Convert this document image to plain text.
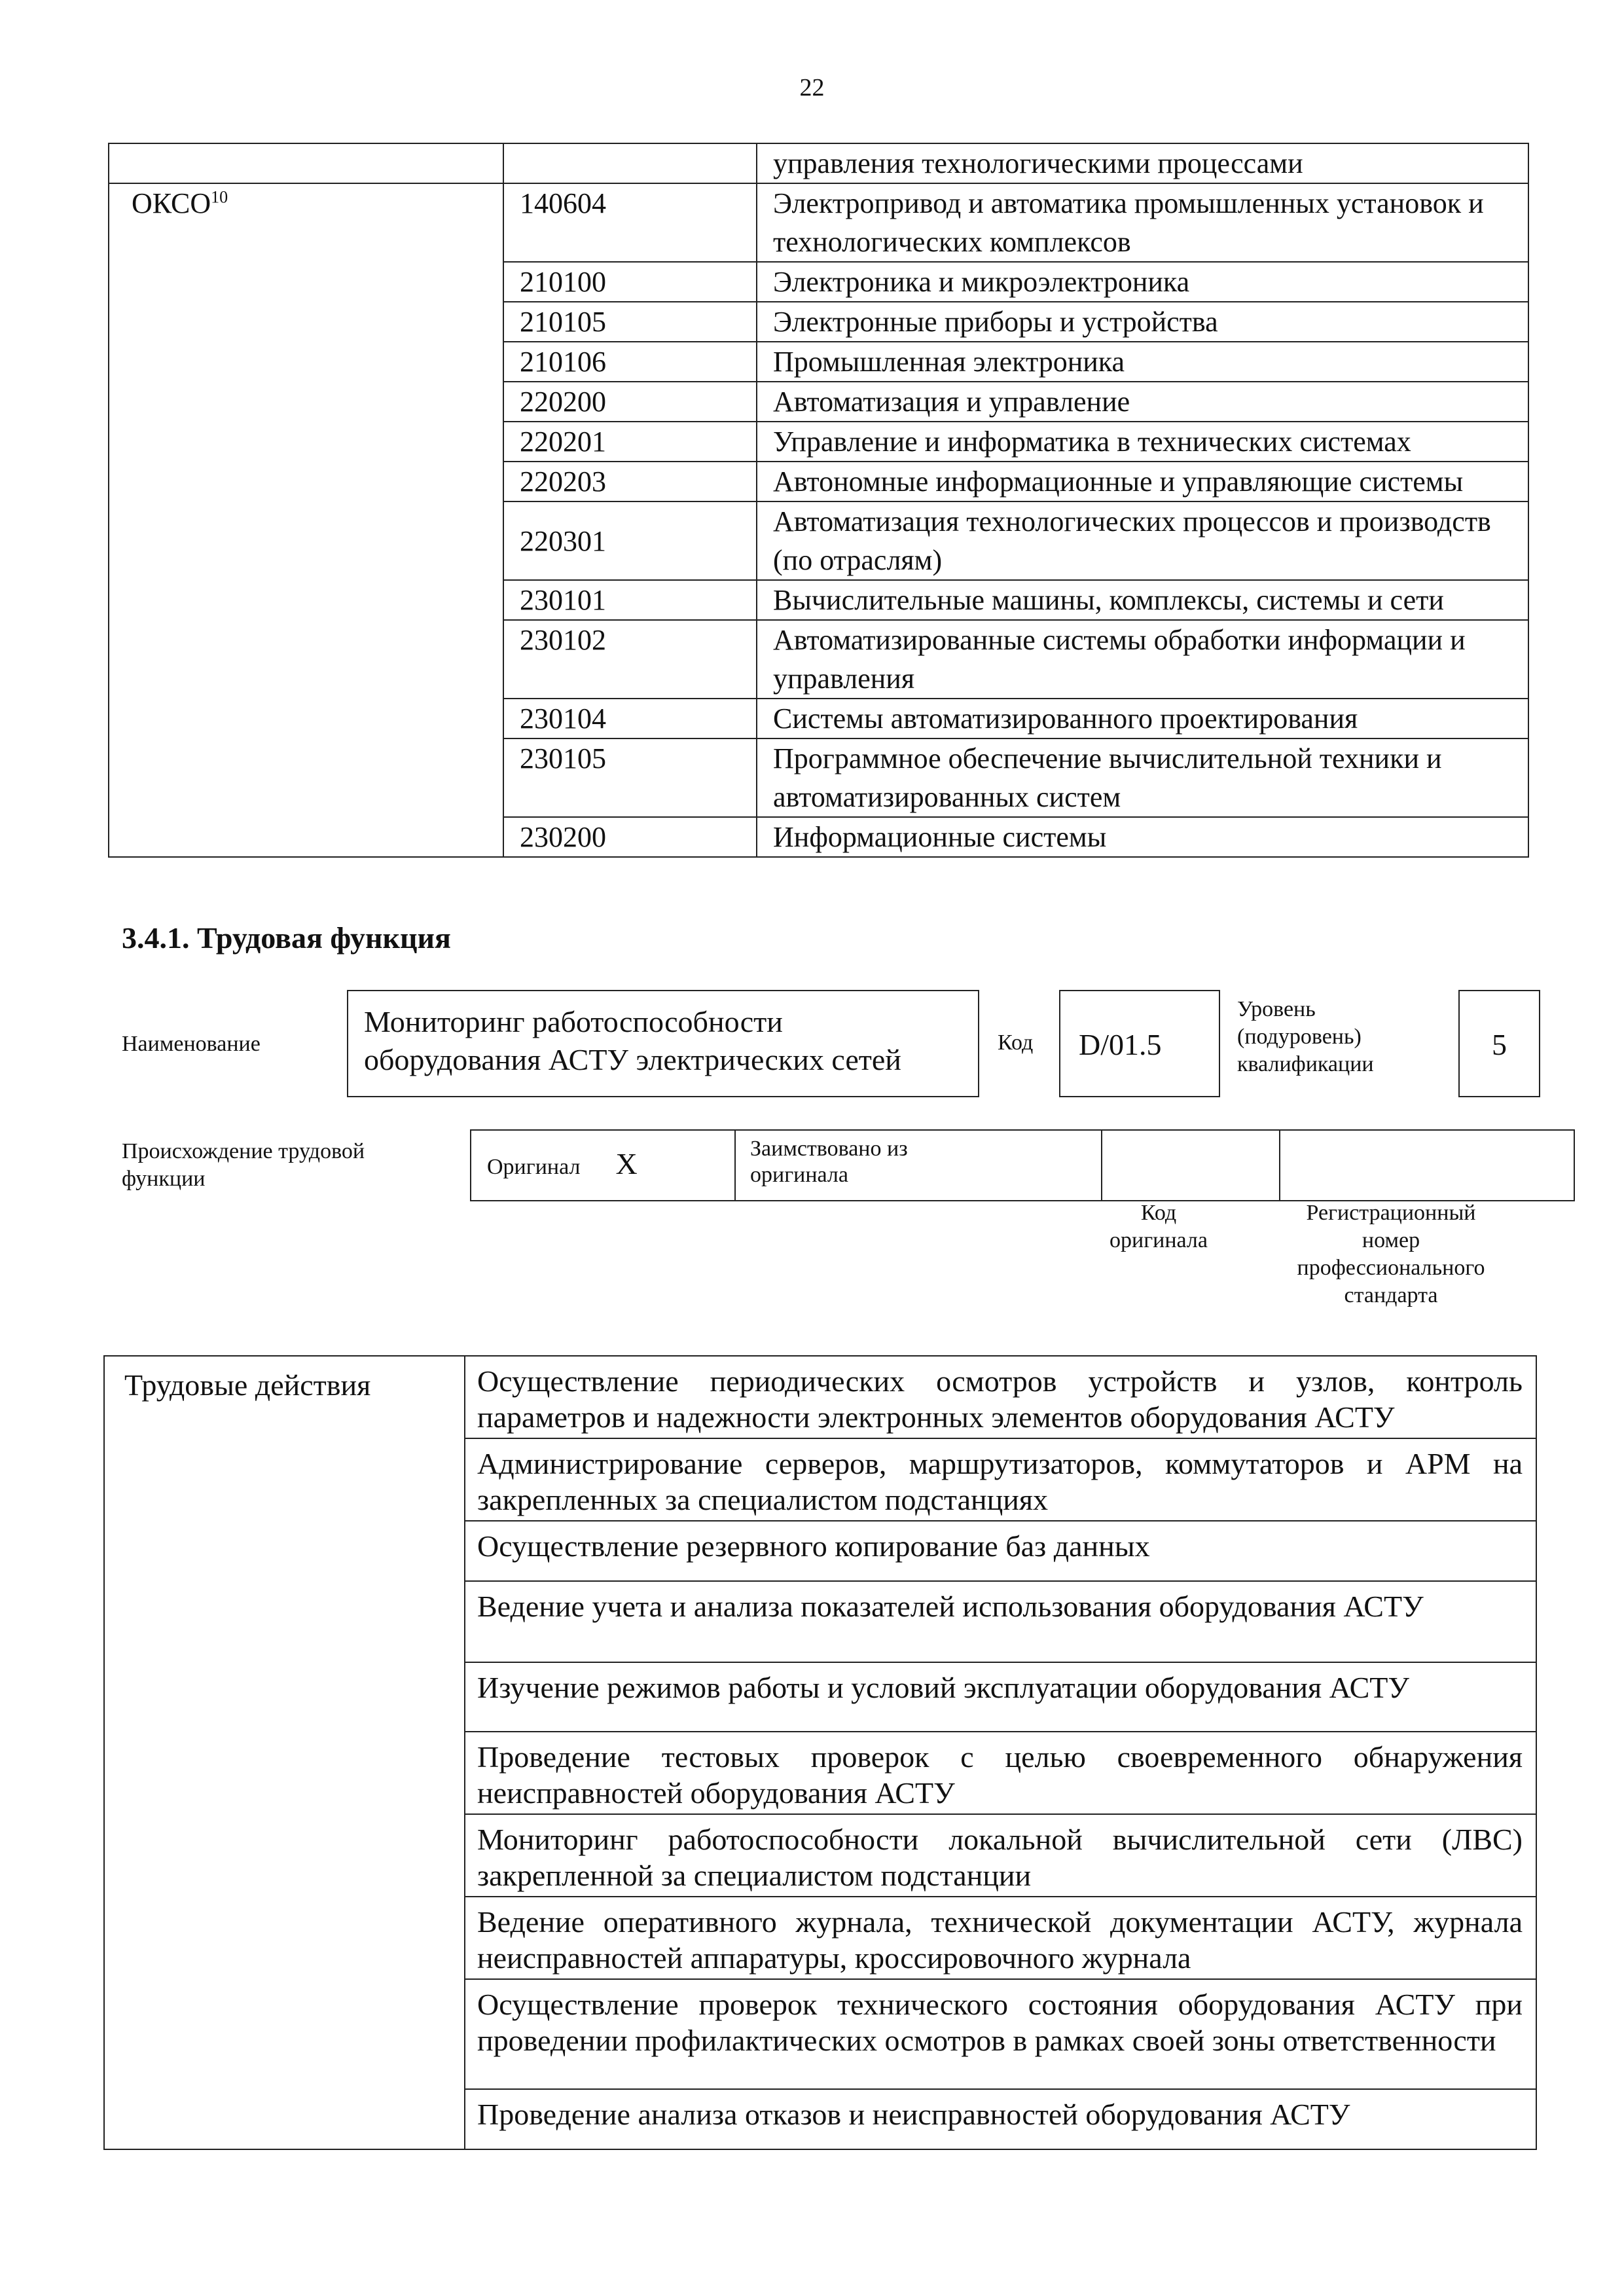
22
		управления технологическими процессами
ОКСО$^{10}$	140604	Электропривод и автоматика промышленных установок и технологических комплексов
	210100	Электроника и микроэлектроника
	210105	Электронные приборы и устройства
	210106	Промышленная электроника
	220200	Автоматизация и управление
	220201	Управление и информатика в технических системах
	220203	Автономные информационные и управляющие системы
	220301	Автоматизация технологических процессов и производств (по отраслям)
	230101	Вычислительные машины, комплексы, системы и сети
	230102	Автоматизированные системы обработки информации и управления
	230104	Системы автоматизированного проектирования
	230105	Программное обеспечение вычислительной техники и автоматизированных систем
	230200	Информационные системы
3.4.1. Трудовая функция
Наименование
Мониторинг работоспособности
оборудования АСТУ электрических сетей
Код	D/01.5
Уровень
(подуровень)
квалификации
5
Происхождение трудовой
функции	Оригинал X	Заимствовано из
оригинала

Код
оригинала
Регистрационный
номер
профессионального
стандарта
Трудовые действия	Осуществление периодических осмотров устройств и узлов, контроль параметров и надежности электронных элементов оборудования АСТУ
Администрирование серверов, маршрутизаторов, коммутаторов и АРМ на закрепленных за специалистом подстанциях
Осуществление резервного копирование баз данных
Ведение учета и анализа показателей использования оборудования АСТУ
Изучение режимов работы и условий эксплуатации оборудования АСТУ
Проведение тестовых проверок с целью своевременного обнаружения неисправностей оборудования АСТУ
Мониторинг работоспособности локальной вычислительной сети (ЛВС) закрепленной за специалистом подстанции
Ведение оперативного журнала, технической документации АСТУ, журнала неисправностей аппаратуры, кроссировочного журнала
Осуществление проверок технического состояния оборудования АСТУ при проведении профилактических осмотров в рамках своей зоны ответственности
Проведение анализа отказов и неисправностей оборудования АСТУ
